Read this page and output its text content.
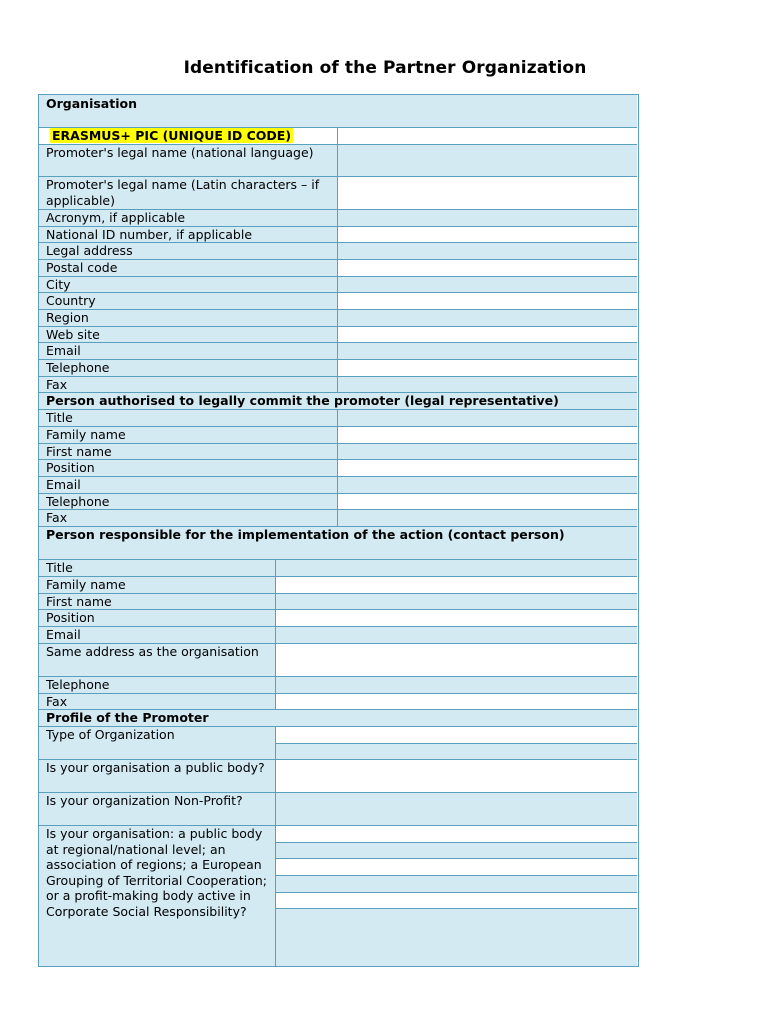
Identification of the Partner Organization
Organisation
ERASMUS+ PIC (UNIQUE ID CODE)
Promoter's legal name (national language)
Promoter's legal name (Latin characters – if applicable)
Acronym, if applicable
National ID number, if applicable
Legal address
Postal code
City
Country
Region
Web site
Email
Telephone
Fax
Person authorised to legally commit the promoter (legal representative)
Title
Family name
First name
Position
Email
Telephone
Fax
Person responsible for the implementation of the action (contact person)
Title
Family name
First name
Position
Email
Same address as the organisation
Telephone
Fax
Profile of the Promoter
Type of Organization
Is your organisation a public body?
Is your organization Non-Profit?
Is your organisation: a public body at regional/national level; an association of regions; a European Grouping of Territorial Cooperation; or a profit-making body active in Corporate Social Responsibility?
